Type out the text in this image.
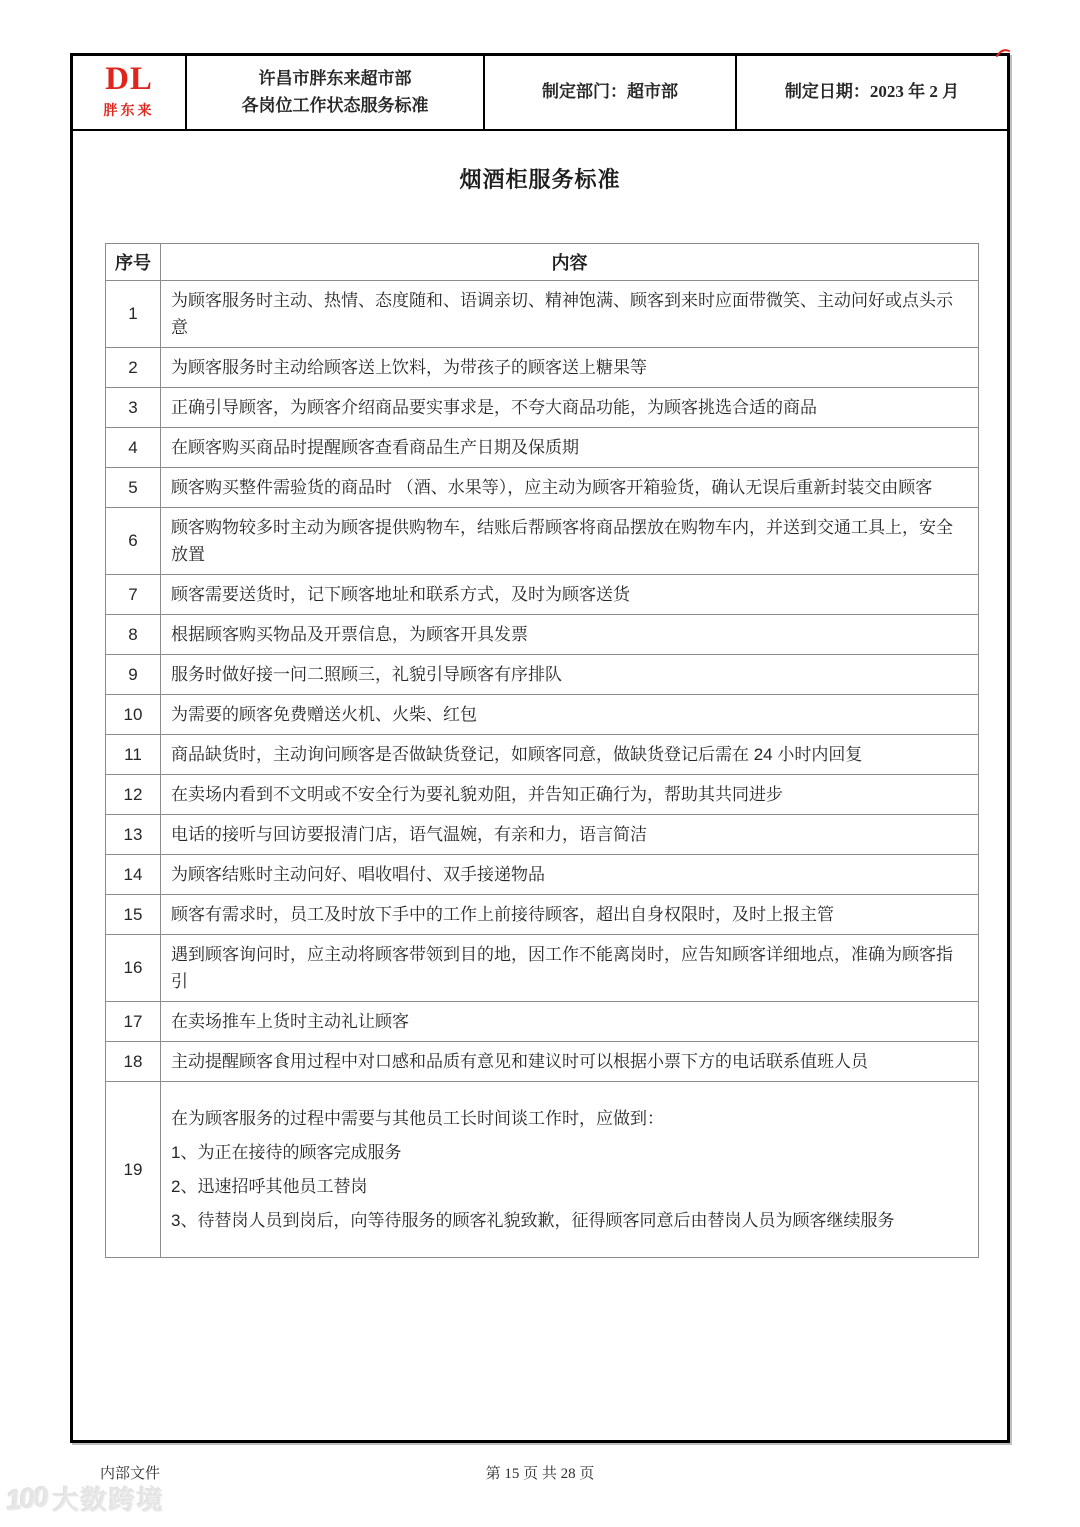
DL
胖东来
许昌市胖东来超市部
各岗位工作状态服务标准
制定部门：超市部	制定日期：2023 年 2 月
烟酒柜服务标准
序号	内容
1	为顾客服务时主动、热情、态度随和、语调亲切、精神饱满、顾客到来时应面带微笑、主动问好或点头示意
2	为顾客服务时主动给顾客送上饮料，为带孩子的顾客送上糖果等
3	正确引导顾客，为顾客介绍商品要实事求是，不夸大商品功能，为顾客挑选合适的商品
4	在顾客购买商品时提醒顾客查看商品生产日期及保质期
5	顾客购买整件需验货的商品时 （酒、水果等），应主动为顾客开箱验货，确认无误后重新封装交由顾客
6	顾客购物较多时主动为顾客提供购物车，结账后帮顾客将商品摆放在购物车内，并送到交通工具上，安全放置
7	顾客需要送货时，记下顾客地址和联系方式，及时为顾客送货
8	根据顾客购买物品及开票信息，为顾客开具发票
9	服务时做好接一问二照顾三，礼貌引导顾客有序排队
10	为需要的顾客免费赠送火机、火柴、红包
11	商品缺货时，主动询问顾客是否做缺货登记，如顾客同意，做缺货登记后需在 24 小时内回复
12	在卖场内看到不文明或不安全行为要礼貌劝阻，并告知正确行为，帮助其共同进步
13	电话的接听与回访要报清门店，语气温婉，有亲和力，语言简洁
14	为顾客结账时主动问好、唱收唱付、双手接递物品
15	顾客有需求时，员工及时放下手中的工作上前接待顾客，超出自身权限时，及时上报主管
16	遇到顾客询问时，应主动将顾客带领到目的地，因工作不能离岗时，应告知顾客详细地点，准确为顾客指引
17	在卖场推车上货时主动礼让顾客
18	主动提醒顾客食用过程中对口感和品质有意见和建议时可以根据小票下方的电话联系值班人员
19	在为顾客服务的过程中需要与其他员工长时间谈工作时，应做到：
1、为正在接待的顾客完成服务
2、迅速招呼其他员工替岗
3、待替岗人员到岗后，向等待服务的顾客礼貌致歉，征得顾客同意后由替岗人员为顾客继续服务
内部文件	第 15 页 共 28 页
100 大数跨境
